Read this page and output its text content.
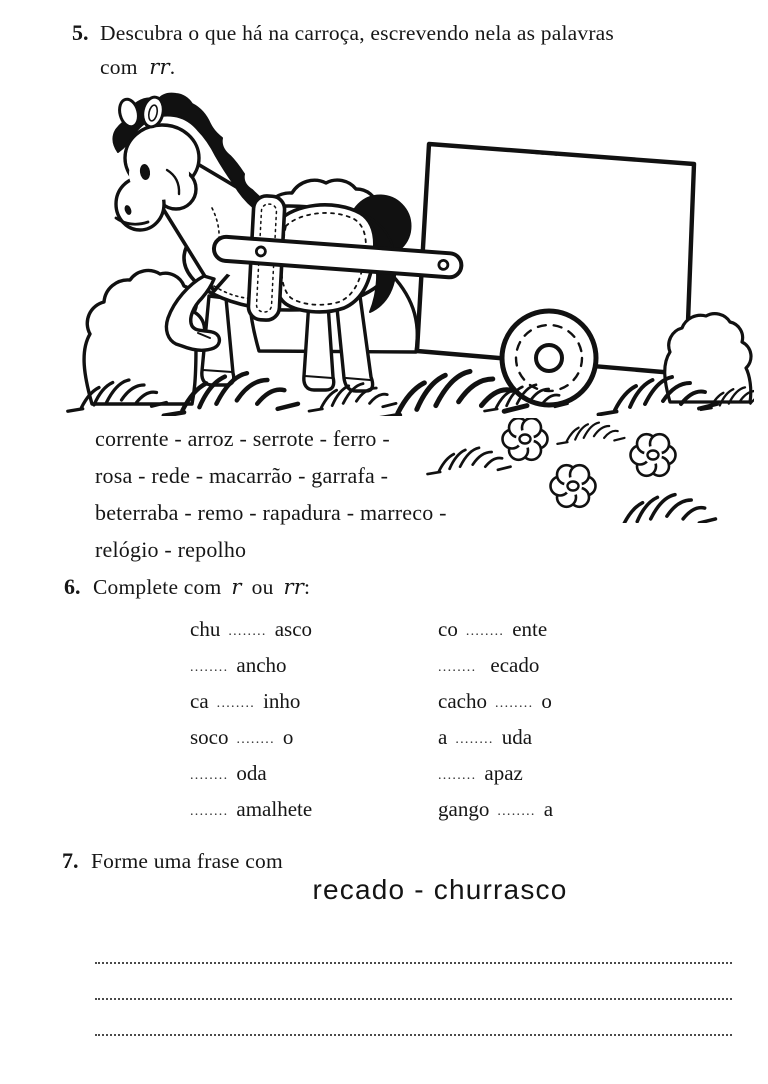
5. Descubra o que há na carroça, escrevendo nela as palavras
com rr.
corrente - arroz - serrote - ferro -
rosa - rede - macarrão - garrafa -
beterraba - remo - rapadura - marreco -
relógio - repolho
6. Complete com r ou rr:
chu ........ asco
........ ancho
ca ........ inho
soco ........ o
........ oda
........ amalhete
co ........ ente
........ ecado
cacho ........ o
a ........ uda
........ apaz
gango ........ a
7. Forme uma frase com
recado - churrasco
